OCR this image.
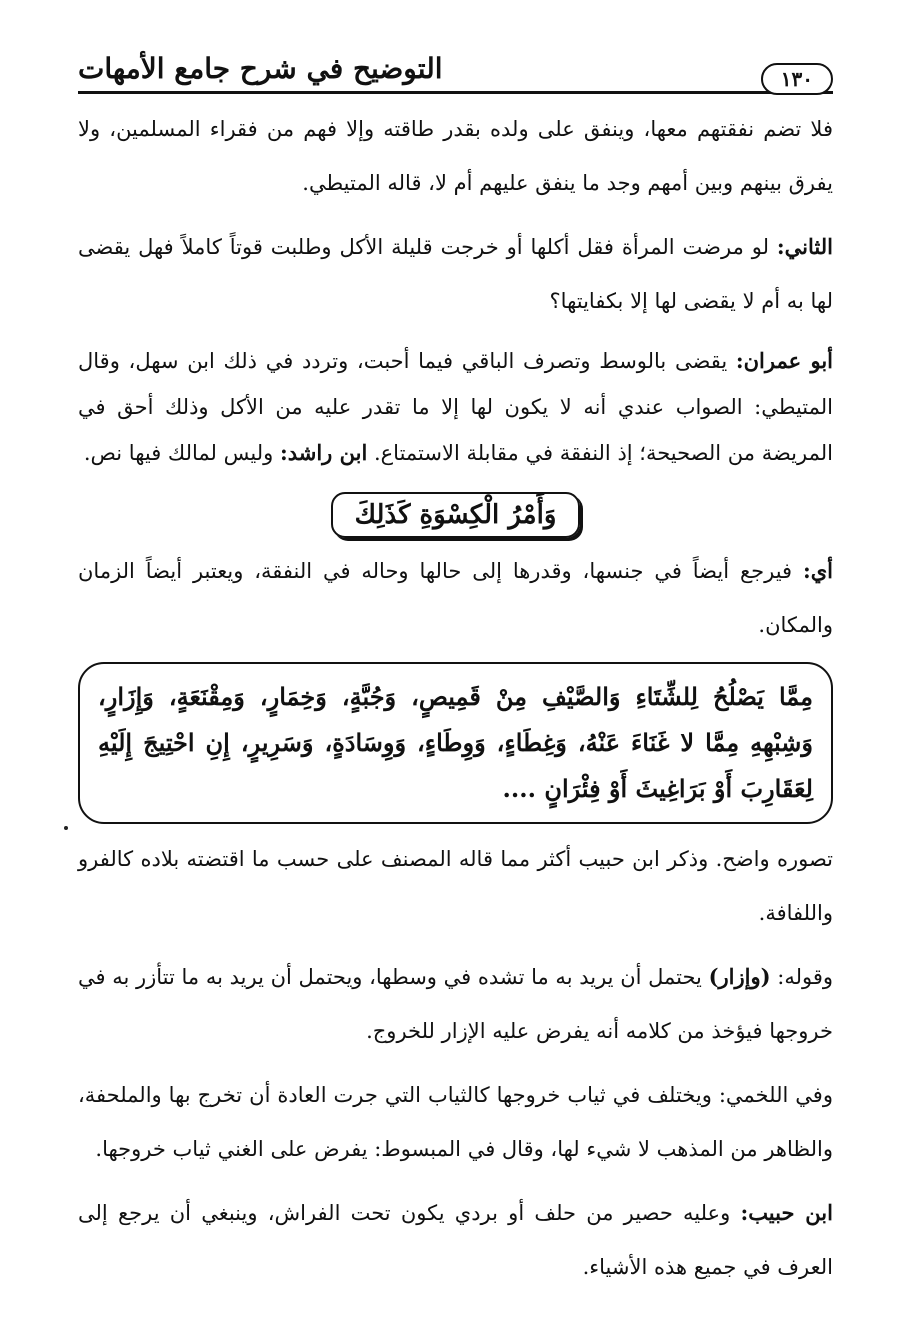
١٣٠
التوضيح في شرح جامع الأمهات

فلا تضم نفقتهم معها، وينفق على ولده بقدر طاقته وإلا فهم من فقراء المسلمين، ولا يفرق بينهم وبين أمهم وجد ما ينفق عليهم أم لا، قاله المتيطي.

الثاني: لو مرضت المرأة فقل أكلها أو خرجت قليلة الأكل وطلبت قوتاً كاملاً فهل يقضى لها به أم لا يقضى لها إلا بكفايتها؟

أبو عمران: يقضى بالوسط وتصرف الباقي فيما أحبت، وتردد في ذلك ابن سهل، وقال المتيطي: الصواب عندي أنه لا يكون لها إلا ما تقدر عليه من الأكل وذلك أحق في المريضة من الصحيحة؛ إذ النفقة في مقابلة الاستمتاع. ابن راشد: وليس لمالك فيها نص.

وَأَمْرُ الْكِسْوَةِ كَذَلِكَ

أي: فيرجع أيضاً في جنسها، وقدرها إلى حالها وحاله في النفقة، ويعتبر أيضاً الزمان والمكان.

مِمَّا يَصْلُحُ لِلشِّتَاءِ وَالصَّيْفِ مِنْ قَمِيصٍ، وَجُبَّةٍ، وَخِمَارٍ، وَمِقْنَعَةٍ، وَإِزَارٍ، وَشِبْهِهِ مِمَّا لا غَنَاءَ عَنْهُ، وَغِطَاءٍ، وَوِطَاءٍ، وَوِسَادَةٍ، وَسَرِيرٍ، إِنِ احْتِيجَ إِلَيْهِ لِعَقَارِبَ أَوْ بَرَاغِيثَ أَوْ فِئْرَانٍ ....

تصوره واضح. وذكر ابن حبيب أكثر مما قاله المصنف على حسب ما اقتضته بلاده كالفرو واللفافة.

وقوله: (وإزار) يحتمل أن يريد به ما تشده في وسطها، ويحتمل أن يريد به ما تتأزر به في خروجها فيؤخذ من كلامه أنه يفرض عليه الإزار للخروج.

وفي اللخمي: ويختلف في ثياب خروجها كالثياب التي جرت العادة أن تخرج بها والملحفة، والظاهر من المذهب لا شيء لها، وقال في المبسوط: يفرض على الغني ثياب خروجها.

ابن حبيب: وعليه حصير من حلف أو بردي يكون تحت الفراش، وينبغي أن يرجع إلى العرف في جميع هذه الأشياء.
